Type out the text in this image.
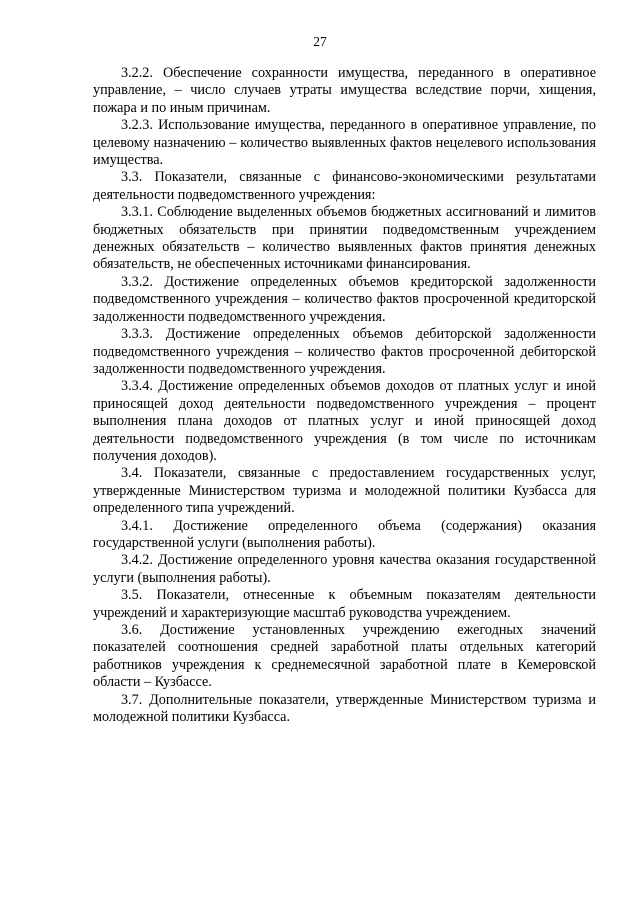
27

3.2.2. Обеспечение сохранности имущества, переданного в оперативное управление, – число случаев утраты имущества вследствие порчи, хищения, пожара и по иным причинам.

3.2.3. Использование имущества, переданного в оперативное управление, по целевому назначению – количество выявленных фактов нецелевого использования имущества.

3.3. Показатели, связанные с финансово-экономическими результатами деятельности подведомственного учреждения:

3.3.1. Соблюдение выделенных объемов бюджетных ассигнований и лимитов бюджетных обязательств при принятии подведомственным учреждением денежных обязательств – количество выявленных фактов принятия денежных обязательств, не обеспеченных источниками финансирования.

3.3.2. Достижение определенных объемов кредиторской задолженности подведомственного учреждения – количество фактов просроченной кредиторской задолженности подведомственного учреждения.

3.3.3. Достижение определенных объемов дебиторской задолженности подведомственного учреждения – количество фактов просроченной дебиторской задолженности подведомственного учреждения.

3.3.4. Достижение определенных объемов доходов от платных услуг и иной приносящей доход деятельности подведомственного учреждения – процент выполнения плана доходов от платных услуг и иной приносящей доход деятельности подведомственного учреждения (в том числе по источникам получения доходов).

3.4. Показатели, связанные с предоставлением государственных услуг, утвержденные Министерством туризма и молодежной политики Кузбасса для определенного типа учреждений.

3.4.1. Достижение определенного объема (содержания) оказания государственной услуги (выполнения работы).

3.4.2. Достижение определенного уровня качества оказания государственной услуги (выполнения работы).

3.5. Показатели, отнесенные к объемным показателям деятельности учреждений и характеризующие масштаб руководства учреждением.

3.6. Достижение установленных учреждению ежегодных значений показателей соотношения средней заработной платы отдельных категорий работников учреждения к среднемесячной заработной плате в Кемеровской области – Кузбассе.

3.7. Дополнительные показатели, утвержденные Министерством туризма и молодежной политики Кузбасса.
